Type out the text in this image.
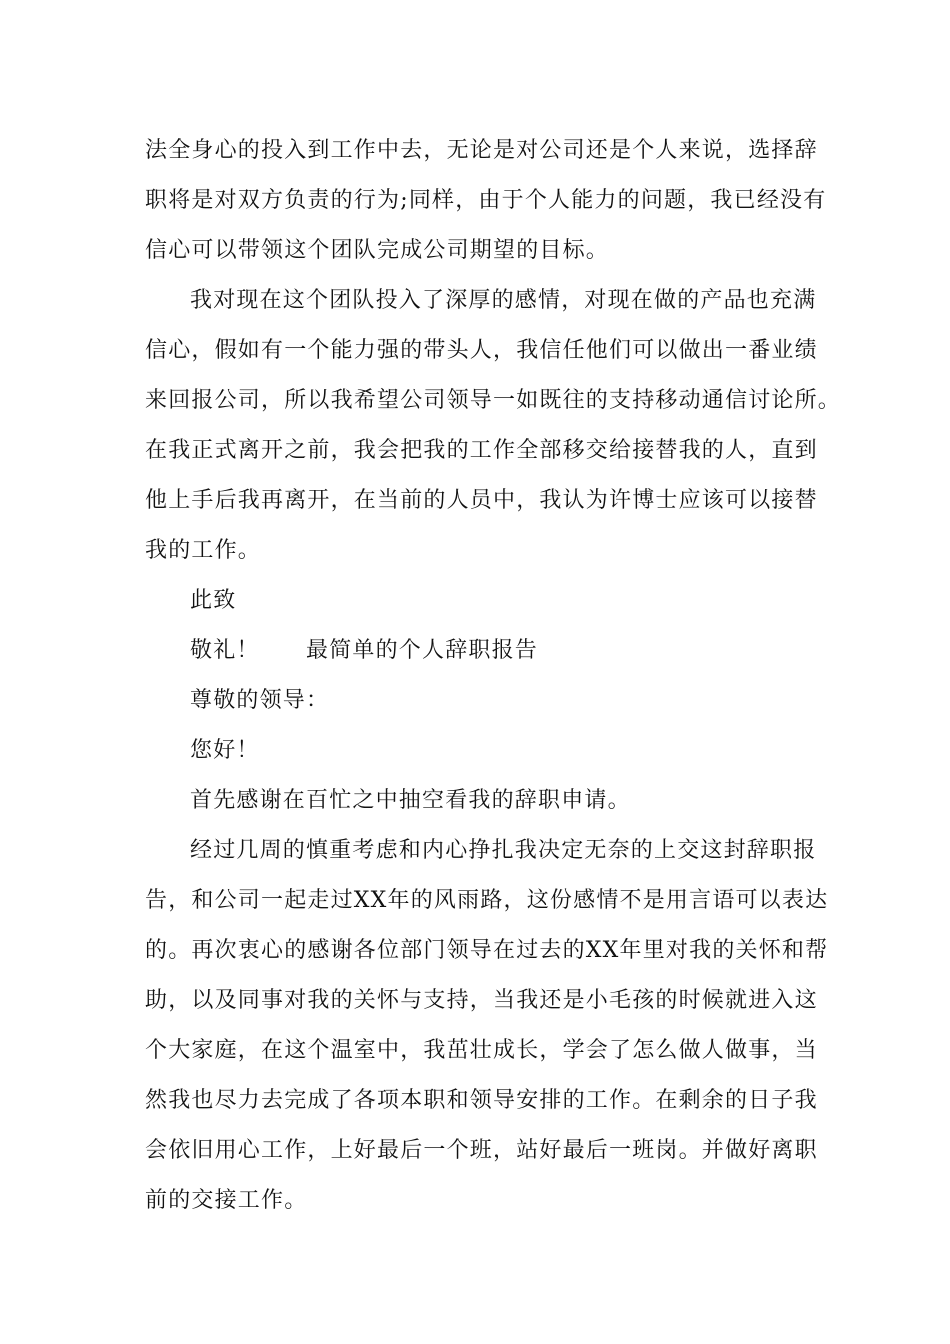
法全身心的投入到工作中去，无论是对公司还是个人来说，选择辞
职将是对双方负责的行为;同样，由于个人能力的问题，我已经没有
信心可以带领这个团队完成公司期望的目标。
我对现在这个团队投入了深厚的感情，对现在做的产品也充满
信心，假如有一个能力强的带头人，我信任他们可以做出一番业绩
来回报公司，所以我希望公司领导一如既往的支持移动通信讨论所。
在我正式离开之前，我会把我的工作全部移交给接替我的人，直到
他上手后我再离开，在当前的人员中，我认为许博士应该可以接替
我的工作。
此致
敬礼！　　最简单的个人辞职报告
尊敬的领导：
您好！
首先感谢在百忙之中抽空看我的辞职申请。
经过几周的慎重考虑和内心挣扎我决定无奈的上交这封辞职报
告，和公司一起走过XX年的风雨路，这份感情不是用言语可以表达
的。再次衷心的感谢各位部门领导在过去的XX年里对我的关怀和帮
助，以及同事对我的关怀与支持，当我还是小毛孩的时候就进入这
个大家庭，在这个温室中，我茁壮成长，学会了怎么做人做事，当
然我也尽力去完成了各项本职和领导安排的工作。在剩余的日子我
会依旧用心工作，上好最后一个班，站好最后一班岗。并做好离职
前的交接工作。
